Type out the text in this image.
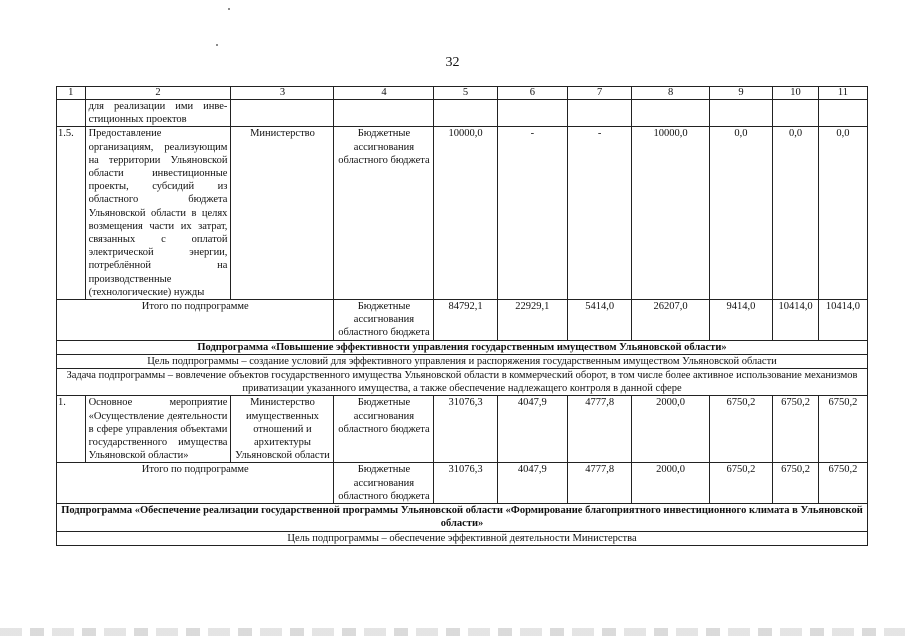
32
1	2	3	4	5	6	7	8	9	10	11
	для реализации ими инве-стиционных проектов									
1.5.	Предоставление организациям, реализующим на территории Ульяновской области инвестиционные проекты, субсидий из областного бюджета Ульяновской области в целях возмещения части их затрат, связанных с оплатой электрической энергии, потреблённой на производственные (технологические) нужды	Министерство	Бюджетные ассигнования областного бюджета	10000,0	-	-	10000,0	0,0	0,0	0,0
Итого по подпрограмме			Бюджетные ассигнования областного бюджета	84792,1	22929,1	5414,0	26207,0	9414,0	10414,0	10414,0
Подпрограмма «Повышение эффективности управления государственным имуществом Ульяновской области»										
Цель подпрограммы – создание условий для эффективного управления и распоряжения государственным имуществом Ульяновской области										
Задача подпрограммы – вовлечение объектов государственного имущества Ульяновской области в коммерческий оборот, в том числе более активное использование механизмов приватизации указанного имущества, а также обеспечение надлежащего контроля в данной сфере										
1.	Основное мероприятие «Осуществление деятельности в сфере управления объектами государственного имущества Ульяновской области»	Министерство имущественных отношений и архитектуры Ульяновской области	Бюджетные ассигнования областного бюджета	31076,3	4047,9	4777,8	2000,0	6750,2	6750,2	6750,2
Итого по подпрограмме			Бюджетные ассигнования областного бюджета	31076,3	4047,9	4777,8	2000,0	6750,2	6750,2	6750,2
Подпрограмма «Обеспечение реализации государственной программы Ульяновской области «Формирование благоприятного инвестиционного климата в Ульяновской области»										
Цель подпрограммы – обеспечение эффективной деятельности Министерства										
